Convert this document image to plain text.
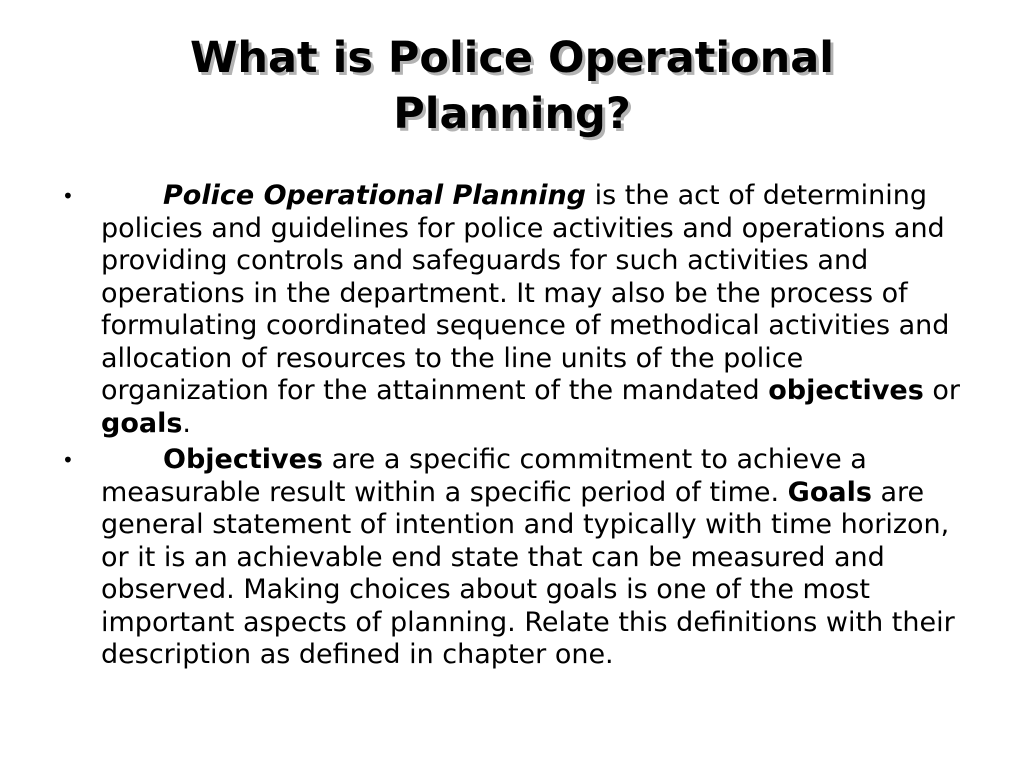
What is Police Operational
Planning?
•	Police Operational Planning is the act of determining policies and guidelines for police activities and operations and providing controls and safeguards for such activities and operations in the department. It may also be the process of formulating coordinated sequence of methodical activities and allocation of resources to the line units of the police organization for the attainment of the mandated objectives or goals.
•	Objectives are a specific commitment to achieve a measurable result within a specific period of time. Goals are general statement of intention and typically with time horizon, or it is an achievable end state that can be measured and observed. Making choices about goals is one of the most important aspects of planning. Relate this definitions with their description as defined in chapter one.
